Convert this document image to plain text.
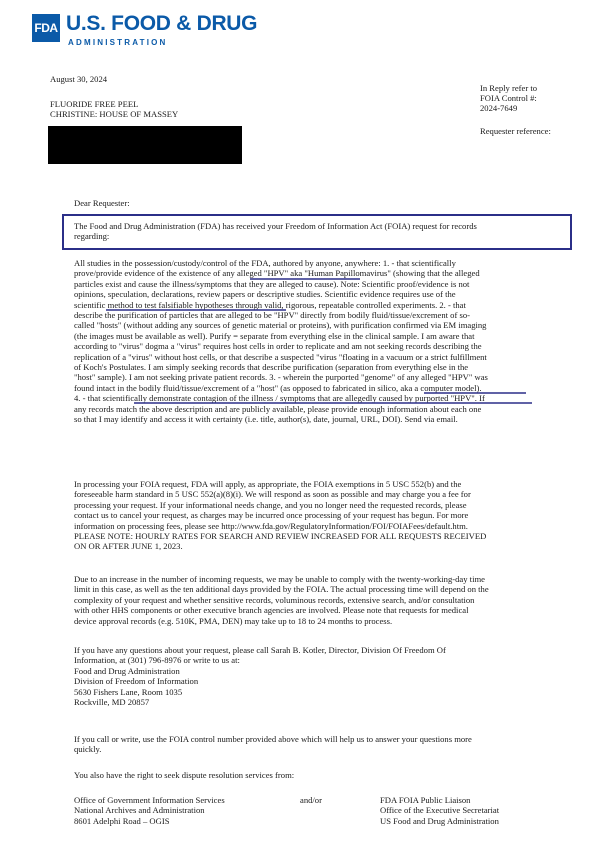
FDA U.S. FOOD & DRUG
ADMINISTRATION
August 30, 2024
FLUORIDE FREE PEEL
CHRISTINE: HOUSE OF MASSEY
In Reply refer to
FOIA Control #:
2024-7649
Requester reference:
Dear Requester:
The Food and Drug Administration (FDA) has received your Freedom of Information Act (FOIA) request for records
regarding:
All studies in the possession/custody/control of the FDA, authored by anyone, anywhere: 1. - that scientifically
prove/provide evidence of the existence of any alleged "HPV" aka "Human Papillomavirus" (showing that the alleged
particles exist and cause the illness/symptoms that they are alleged to cause). Note: Scientific proof/evidence is not
opinions, speculation, declarations, review papers or descriptive studies. Scientific evidence requires use of the
scientific method to test falsifiable hypotheses through valid, rigorous, repeatable controlled experiments. 2. - that
describe the purification of particles that are alleged to be "HPV" directly from bodily fluid/tissue/excrement of so-
called "hosts" (without adding any sources of genetic material or proteins), with purification confirmed via EM imaging
(the images must be available as well). Purify = separate from everything else in the clinical sample. I am aware that
according to "virus" dogma a "virus" requires host cells in order to replicate and am not seeking records describing the
replication of a "virus" without host cells, or that describe a suspected "virus "floating in a vacuum or a strict fulfillment
of Koch's Postulates. I am simply seeking records that describe purification (separation from everything else in the
"host" sample). I am not seeking private patient records. 3. - wherein the purported "genome" of any alleged "HPV" was
found intact in the bodily fluid/tissue/excrement of a "host" (as opposed to fabricated in silico, aka a computer model).
4. - that scientifically demonstrate contagion of the illness / symptoms that are allegedly caused by purported "HPV". If
any records match the above description and are publicly available, please provide enough information about each one
so that I may identify and access it with certainty (i.e. title, author(s), date, journal, URL, DOI). Send via email.
In processing your FOIA request, FDA will apply, as appropriate, the FOIA exemptions in 5 USC 552(b) and the
foreseeable harm standard in 5 USC 552(a)(8)(i). We will respond as soon as possible and may charge you a fee for
processing your request. If your informational needs change, and you no longer need the requested records, please
contact us to cancel your request, as charges may be incurred once processing of your request has begun. For more
information on processing fees, please see http://www.fda.gov/RegulatoryInformation/FOI/FOIAFees/default.htm.
PLEASE NOTE: HOURLY RATES FOR SEARCH AND REVIEW INCREASED FOR ALL REQUESTS RECEIVED
ON OR AFTER JUNE 1, 2023.
Due to an increase in the number of incoming requests, we may be unable to comply with the twenty-working-day time
limit in this case, as well as the ten additional days provided by the FOIA. The actual processing time will depend on the
complexity of your request and whether sensitive records, voluminous records, extensive search, and/or consultation
with other HHS components or other executive branch agencies are involved. Please note that requests for medical
device approval records (e.g. 510K, PMA, DEN) may take up to 18 to 24 months to process.
If you have any questions about your request, please call Sarah B. Kotler, Director, Division Of Freedom Of
Information, at (301) 796-8976 or write to us at:
Food and Drug Administration
Division of Freedom of Information
5630 Fishers Lane, Room 1035
Rockville, MD 20857
If you call or write, use the FOIA control number provided above which will help us to answer your questions more
quickly.
You also have the right to seek dispute resolution services from:
Office of Government Information Services
National Archives and Administration
8601 Adelphi Road – OGIS
and/or	FDA FOIA Public Liaison
Office of the Executive Secretariat
US Food and Drug Administration
